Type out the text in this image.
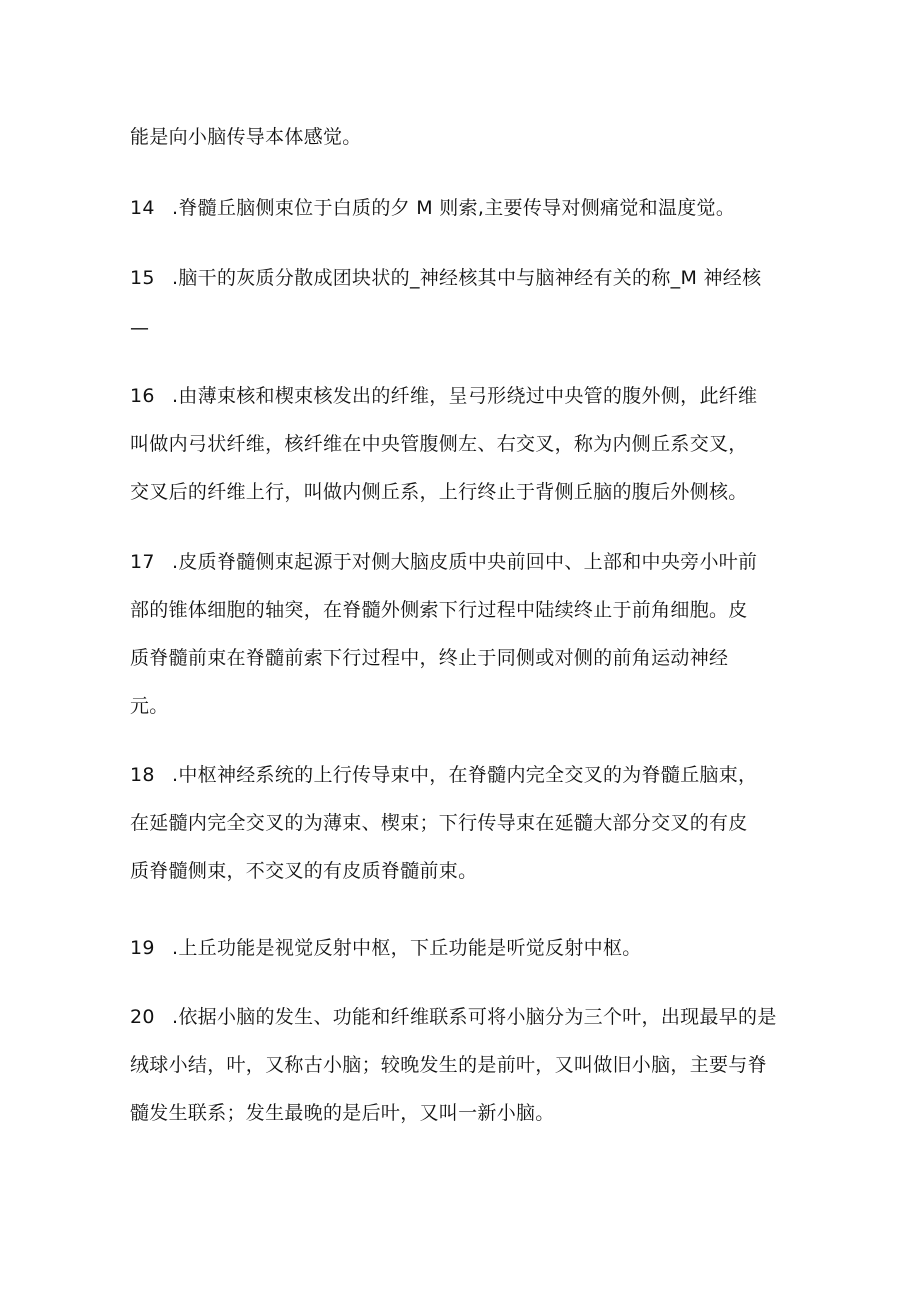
能是向小脑传导本体感觉。
14 .脊髓丘脑侧束位于白质的夕 M 则索,主要传导对侧痛觉和温度觉。
15 .脑干的灰质分散成团块状的_神经核其中与脑神经有关的称_M 神经核
—
16 .由薄束核和楔束核发出的纤维，呈弓形绕过中央管的腹外侧，此纤维
叫做内弓状纤维，核纤维在中央管腹侧左、右交叉，称为内侧丘系交叉，
交叉后的纤维上行，叫做内侧丘系，上行终止于背侧丘脑的腹后外侧核。
17 .皮质脊髓侧束起源于对侧大脑皮质中央前回中、上部和中央旁小叶前
部的锥体细胞的轴突，在脊髓外侧索下行过程中陆续终止于前角细胞。皮
质脊髓前束在脊髓前索下行过程中，终止于同侧或对侧的前角运动神经
元。
18 .中枢神经系统的上行传导束中，在脊髓内完全交叉的为脊髓丘脑束，
在延髓内完全交叉的为薄束、楔束；下行传导束在延髓大部分交叉的有皮
质脊髓侧束，不交叉的有皮质脊髓前束。
19 .上丘功能是视觉反射中枢，下丘功能是听觉反射中枢。
20 .依据小脑的发生、功能和纤维联系可将小脑分为三个叶，出现最早的是
绒球小结，叶，又称古小脑；较晚发生的是前叶，又叫做旧小脑，主要与脊
髓发生联系；发生最晚的是后叶，又叫一新小脑。
